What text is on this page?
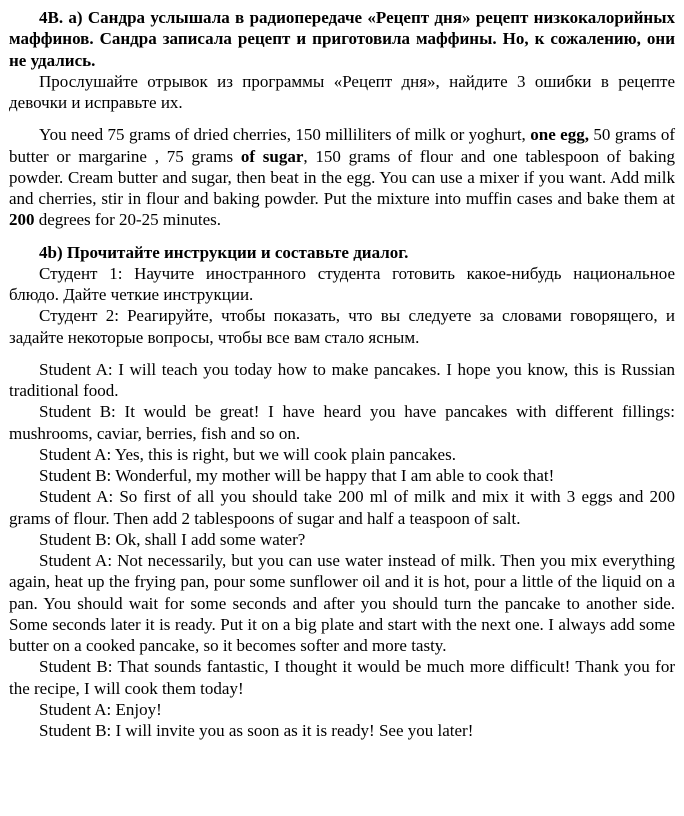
4В. а) Сандра услышала в радиопередаче «Рецепт дня» рецепт низкокалорийных маффинов. Сандра записала рецепт и приготовила маффины. Но, к сожалению, они не удались.

Прослушайте отрывок из программы «Рецепт дня», найдите 3 ошибки в рецепте девочки и исправьте их.

You need 75 grams of dried cherries, 150 milliliters of milk or yoghurt, one egg, 50 grams of butter or margarine , 75 grams of sugar, 150 grams of flour and one tablespoon of baking powder. Cream butter and sugar, then beat in the egg. You can use a mixer if you want. Add milk and cherries, stir in flour and baking powder. Put the mixture into muffin cases and bake them at 200 degrees for 20-25 minutes.

4b) Прочитайте инструкции и составьте диалог.

Студент 1: Научите иностранного студента готовить какое-нибудь национальное блюдо. Дайте четкие инструкции.

Студент 2: Реагируйте, чтобы показать, что вы следуете за словами говорящего, и задайте некоторые вопросы, чтобы все вам стало ясным.

Student A: I will teach you today how to make pancakes. I hope you know, this is Russian traditional food.

Student B: It would be great! I have heard you have pancakes with different fillings: mushrooms, caviar, berries, fish and so on.

Student A: Yes, this is right, but we will cook plain pancakes.

Student B: Wonderful, my mother will be happy that I am able to cook that!

Student A: So first of all you should take 200 ml of milk and mix it with 3 eggs and 200 grams of flour. Then add 2 tablespoons of sugar and half a teaspoon of salt.

Student B: Ok, shall I add some water?

Student A: Not necessarily, but you can use water instead of milk. Then you mix everything again, heat up the frying pan, pour some sunflower oil and it is hot, pour a little of the liquid on a pan. You should wait for some seconds and after you should turn the pancake to another side. Some seconds later it is ready. Put it on a big plate and start with the next one. I always add some butter on a cooked pancake, so it becomes softer and more tasty.

Student B: That sounds fantastic, I thought it would be much more difficult! Thank you for the recipe, I will cook them today!

Student A: Enjoy!

Student B: I will invite you as soon as it is ready! See you later!
